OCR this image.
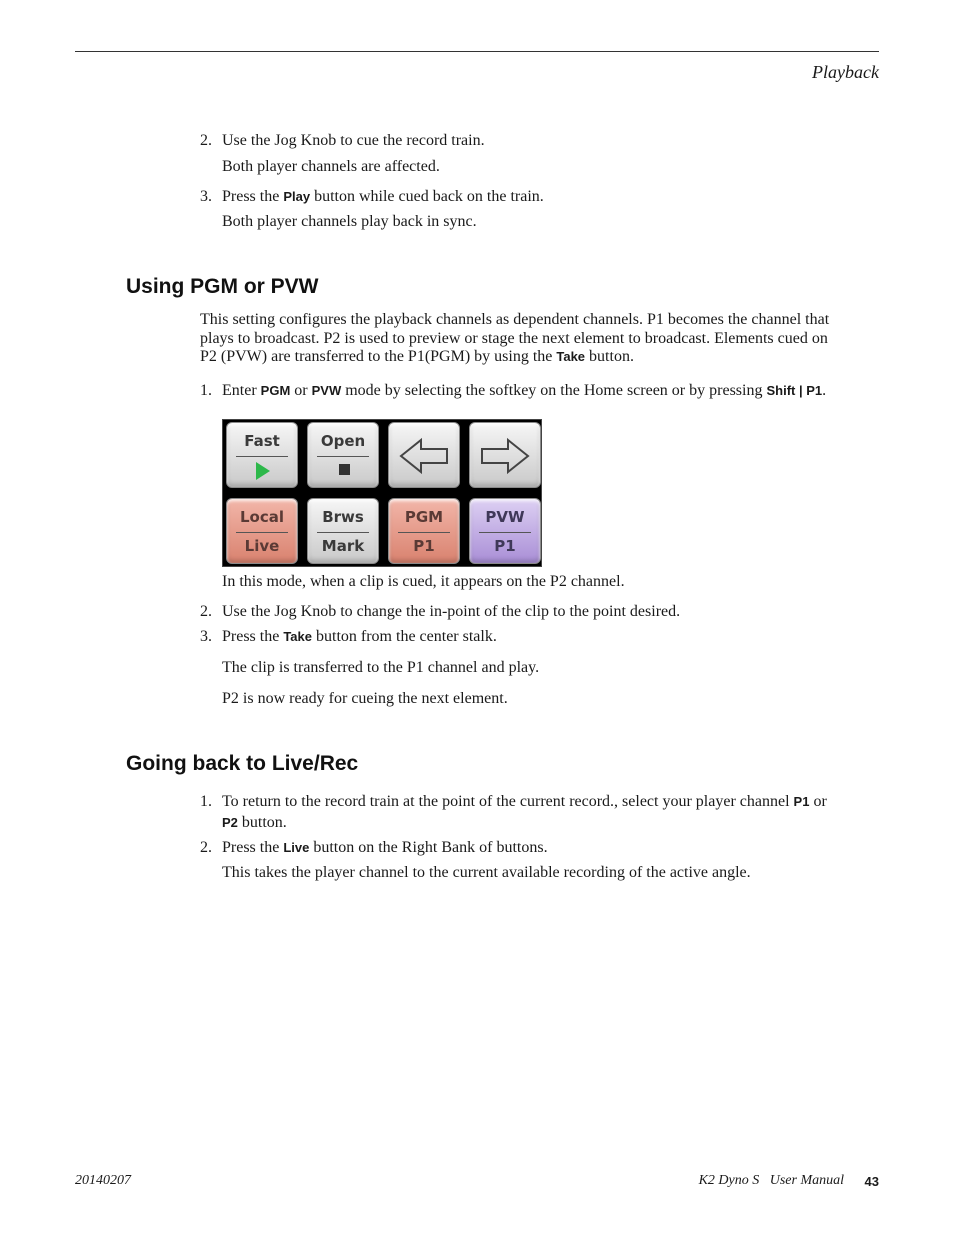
Playback
2. Use the Jog Knob to cue the record train.
Both player channels are affected.
3. Press the Play button while cued back on the train.
Both player channels play back in sync.
Using PGM or PVW
This setting configures the playback channels as dependent channels. P1 becomes the channel that
plays to broadcast. P2 is used to preview or stage the next element to broadcast. Elements cued on
P2 (PVW) are transferred to the P1(PGM) by using the Take button.
1. Enter PGM or PVW mode by selecting the softkey on the Home screen or by pressing Shift | P1.
Fast	Open
Local
Live
Brws
Mark
PGM
P1
PVW
P1
In this mode, when a clip is cued, it appears on the P2 channel.
2. Use the Jog Knob to change the in-point of the clip to the point desired.
3. Press the Take button from the center stalk.
The clip is transferred to the P1 channel and play.
P2 is now ready for cueing the next element.
Going back to Live/Rec
1. To return to the record train at the point of the current record., select your player channel P1 or
P2 button.
2. Press the Live button on the Right Bank of buttons.
This takes the player channel to the current available recording of the active angle.
20140207	K2 Dyno S   User Manual 43
